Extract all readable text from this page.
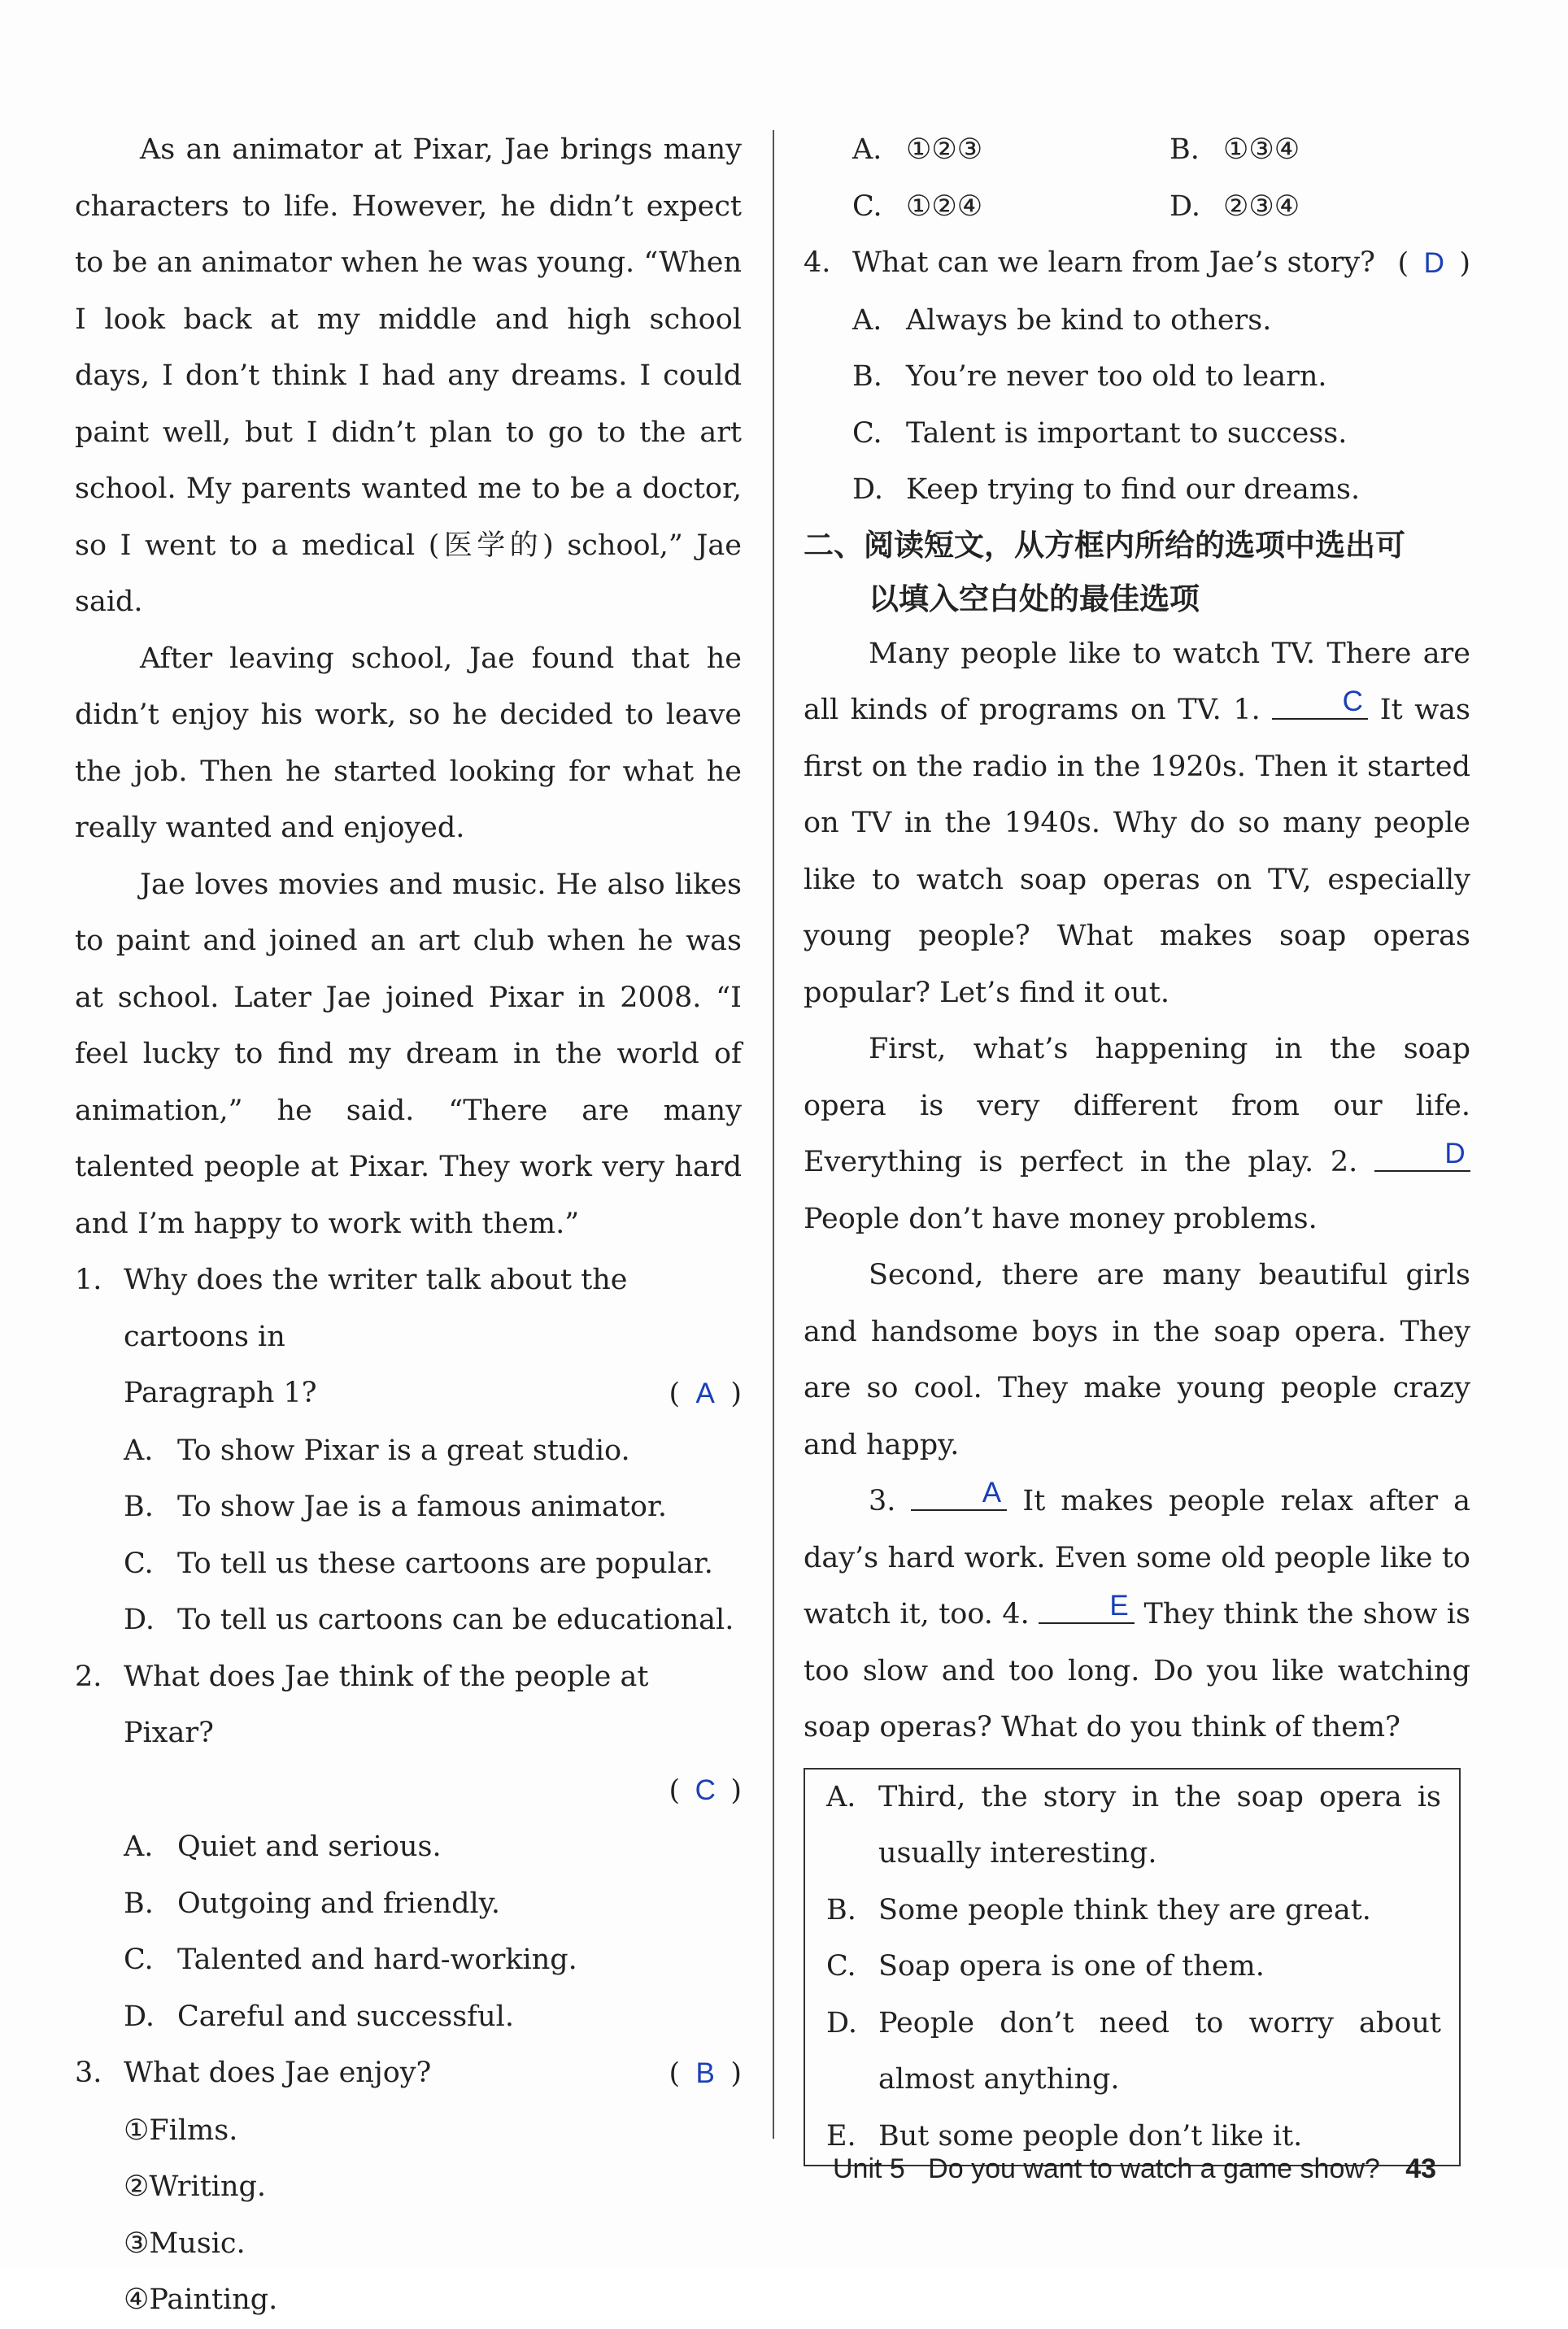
As an animator at Pixar, Jae brings many characters to life. However, he didn’t expect to be an animator when he was young. “When I look back at my middle and high school days, I don’t think I had any dreams. I could paint well, but I didn’t plan to go to the art school. My parents wanted me to be a doctor, so I went to a medical (医学的) school,” Jae said.

After leaving school, Jae found that he didn’t enjoy his work, so he decided to leave the job. Then he started looking for what he really wanted and enjoyed.

Jae loves movies and music. He also likes to paint and joined an art club when he was at school. Later Jae joined Pixar in 2008. “I feel lucky to find my dream in the world of animation,” he said. “There are many talented people at Pixar. They work very hard and I’m happy to work with them.”

1. Why does the writer talk about the cartoons in
Paragraph 1?	( A )
A. To show Pixar is a great studio.
B. To show Jae is a famous animator.
C. To tell us these cartoons are popular.
D. To tell us cartoons can be educational.
2. What does Jae think of the people at Pixar?
( C )
A. Quiet and serious.
B. Outgoing and friendly.
C. Talented and hard-working.
D. Careful and successful.
3. What does Jae enjoy?	( B )
①Films.
②Writing.
③Music.
④Painting.
A. ①②③	B. ①③④
C. ①②④	D. ②③④
4. What can we learn from Jae’s story? ( D )
A. Always be kind to others.
B. You’re never too old to learn.
C. Talent is important to success.
D. Keep trying to find our dreams.
二、阅读短文，从方框内所给的选项中选出可
以填入空白处的最佳选项

Many people like to watch TV. There are all kinds of programs on TV. 1.	C It was first on the radio in the 1920s. Then it started on TV in the 1940s. Why do so many people like to watch soap operas on TV, especially young people? What makes soap operas popular? Let’s find it out.

First, what’s happening in the soap opera is very different from our life. Everything is perfect in the play. 2.	D People don’t have money problems.

Second, there are many beautiful girls and handsome boys in the soap opera. They are so cool. They make young people crazy and happy.

3.	A It makes people relax after a day’s hard work. Even some old people like to watch it, too. 4.	E They think the show is too slow and too long. Do you like watching soap operas? What do you think of them?

A. Third, the story in the soap opera is usually interesting.
B. Some people think they are great.
C. Soap opera is one of them.
D. People don’t need to worry about almost anything.
E. But some people don’t like it.
Unit 5 Do you want to watch a game show? 43
